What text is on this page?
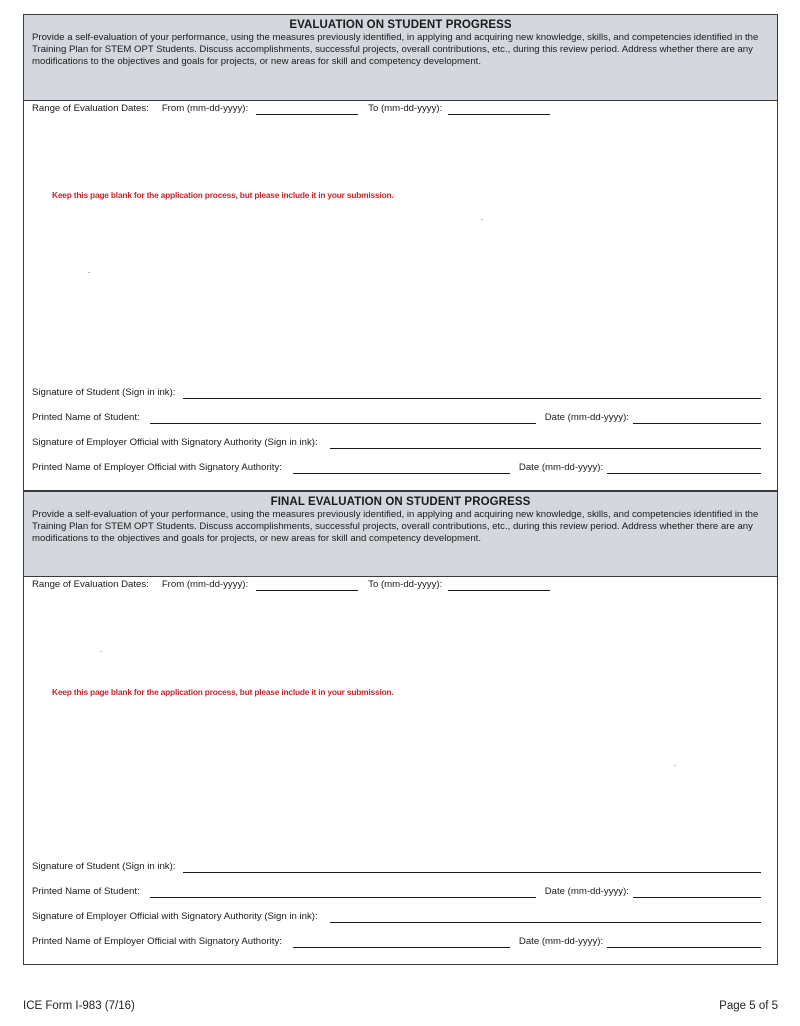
EVALUATION ON STUDENT PROGRESS
Provide a self-evaluation of your performance, using the measures previously identified, in applying and acquiring new knowledge, skills, and competencies identified in the Training Plan for STEM OPT Students. Discuss accomplishments, successful projects, overall contributions, etc., during this review period. Address whether there are any modifications to the objectives and goals for projects, or new areas for skill and competency development.
Range of Evaluation Dates: From (mm-dd-yyyy):	To (mm-dd-yyyy):
Keep this page blank for the application process, but please include it in your submission.
Signature of Student (Sign in ink):
Printed Name of Student:	Date (mm-dd-yyyy):
Signature of Employer Official with Signatory Authority (Sign in ink):
Printed Name of Employer Official with Signatory Authority:	Date (mm-dd-yyyy):
FINAL EVALUATION ON STUDENT PROGRESS
Provide a self-evaluation of your performance, using the measures previously identified, in applying and acquiring new knowledge, skills, and competencies identified in the Training Plan for STEM OPT Students. Discuss accomplishments, successful projects, overall contributions, etc., during this review period. Address whether there are any modifications to the objectives and goals for projects, or new areas for skill and competency development.
Range of Evaluation Dates: From (mm-dd-yyyy):	To (mm-dd-yyyy):
Keep this page blank for the application process, but please include it in your submission.
Signature of Student (Sign in ink):
Printed Name of Student:	Date (mm-dd-yyyy):
Signature of Employer Official with Signatory Authority (Sign in ink):
Printed Name of Employer Official with Signatory Authority:	Date (mm-dd-yyyy):
ICE Form I-983 (7/16)	Page 5 of 5
